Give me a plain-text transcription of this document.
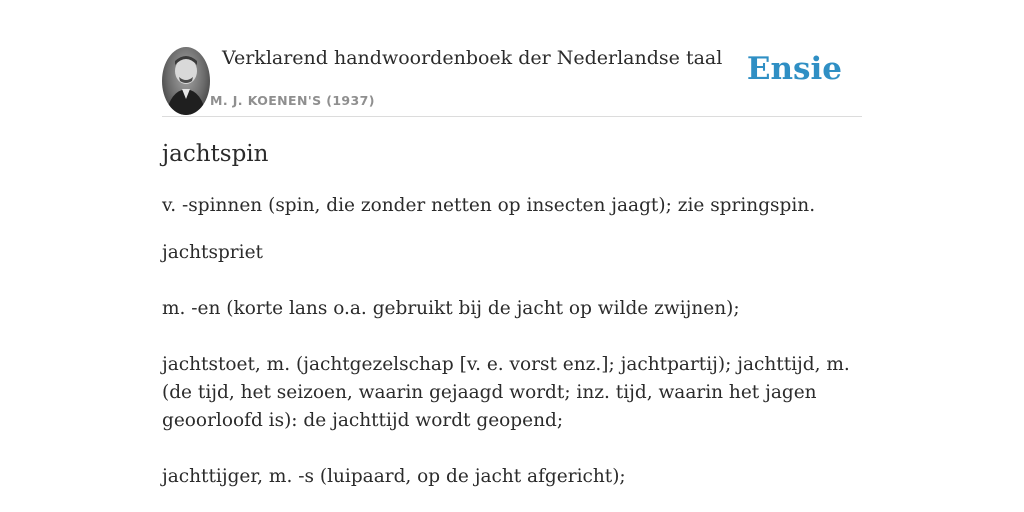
Verklarend handwoordenboek der Nederlandse taal
M. J. KOENEN'S (1937)
Ensie
jachtspin

v. -spinnen (spin, die zonder netten op insecten jaagt); zie springspin.

jachtspriet

m. -en (korte lans o.a. gebruikt bij de jacht op wilde zwijnen);

jachtstoet, m. (jachtgezelschap [v. e. vorst enz.]; jachtpartij); jachttijd, m. (de tijd, het seizoen, waarin gejaagd wordt; inz. tijd, waarin het jagen geoorloofd is): de jachttijd wordt geopend;

jachttijger, m. -s (luipaard, op de jacht afgericht);
